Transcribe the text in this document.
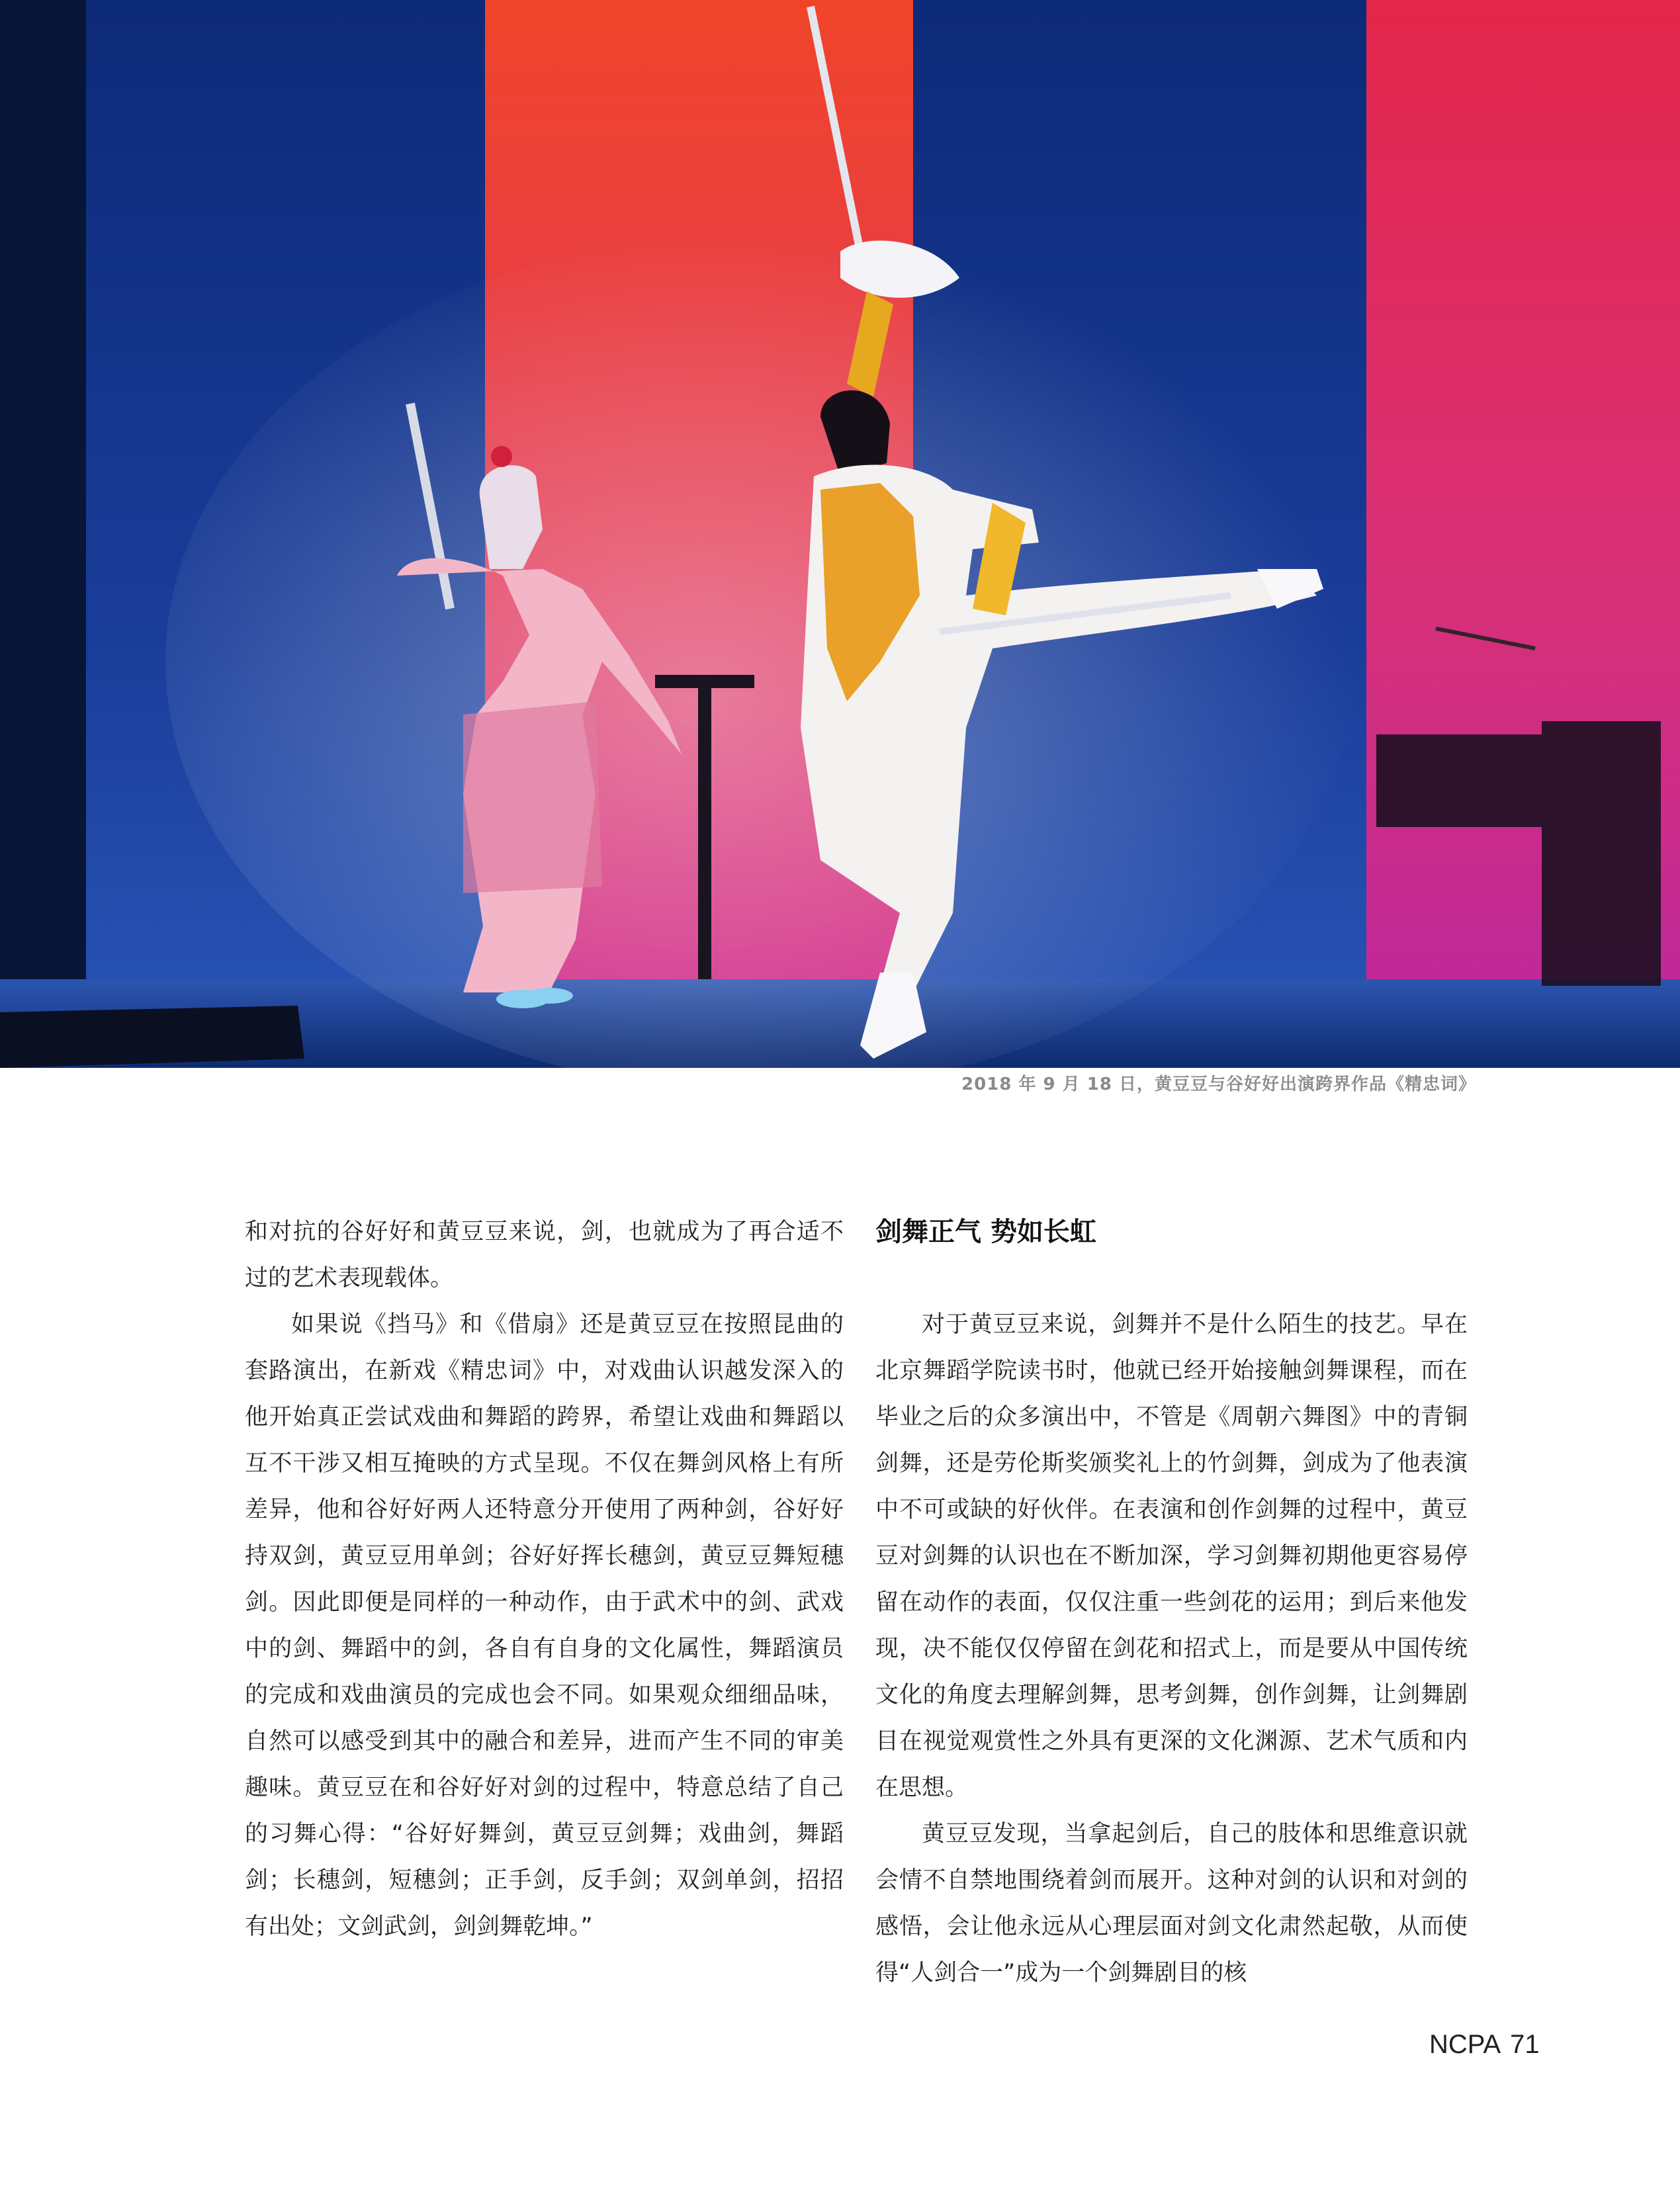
2018 年 9 月 18 日，黄豆豆与谷好好出演跨界作品《精忠词》

和对抗的谷好好和黄豆豆来说，剑，也就成为了再合适不过的艺术表现载体。

如果说《挡马》和《借扇》还是黄豆豆在按照昆曲的套路演出，在新戏《精忠词》中，对戏曲认识越发深入的他开始真正尝试戏曲和舞蹈的跨界，希望让戏曲和舞蹈以互不干涉又相互掩映的方式呈现。不仅在舞剑风格上有所差异，他和谷好好两人还特意分开使用了两种剑，谷好好持双剑，黄豆豆用单剑；谷好好挥长穗剑，黄豆豆舞短穗剑。因此即便是同样的一种动作，由于武术中的剑、武戏中的剑、舞蹈中的剑，各自有自身的文化属性，舞蹈演员的完成和戏曲演员的完成也会不同。如果观众细细品味，自然可以感受到其中的融合和差异，进而产生不同的审美趣味。黄豆豆在和谷好好对剑的过程中，特意总结了自己的习舞心得：“谷好好舞剑，黄豆豆剑舞；戏曲剑，舞蹈剑；长穗剑，短穗剑；正手剑，反手剑；双剑单剑，招招有出处；文剑武剑，剑剑舞乾坤。”

剑舞正气 势如长虹

对于黄豆豆来说，剑舞并不是什么陌生的技艺。早在北京舞蹈学院读书时，他就已经开始接触剑舞课程，而在毕业之后的众多演出中，不管是《周朝六舞图》中的青铜剑舞，还是劳伦斯奖颁奖礼上的竹剑舞，剑成为了他表演中不可或缺的好伙伴。在表演和创作剑舞的过程中，黄豆豆对剑舞的认识也在不断加深，学习剑舞初期他更容易停留在动作的表面，仅仅注重一些剑花的运用；到后来他发现，决不能仅仅停留在剑花和招式上，而是要从中国传统文化的角度去理解剑舞，思考剑舞，创作剑舞，让剑舞剧目在视觉观赏性之外具有更深的文化渊源、艺术气质和内在思想。

黄豆豆发现，当拿起剑后，自己的肢体和思维意识就会情不自禁地围绕着剑而展开。这种对剑的认识和对剑的感悟，会让他永远从心理层面对剑文化肃然起敬，从而使得“人剑合一”成为一个剑舞剧目的核

NCPA 71
